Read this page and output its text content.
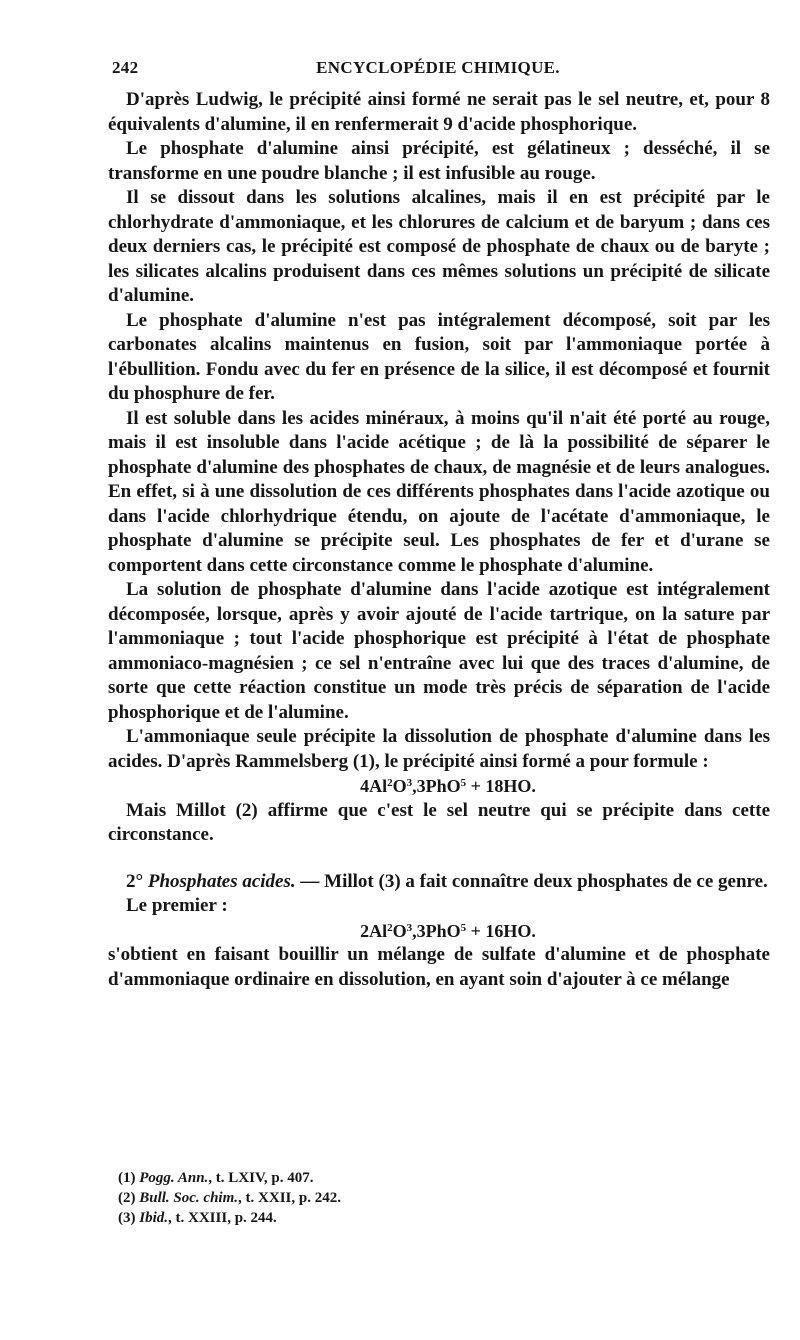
242	ENCYCLOPÉDIE CHIMIQUE.

D'après Ludwig, le précipité ainsi formé ne serait pas le sel neutre, et, pour 8 équivalents d'alumine, il en renfermerait 9 d'acide phosphorique.

Le phosphate d'alumine ainsi précipité, est gélatineux ; desséché, il se transforme en une poudre blanche ; il est infusible au rouge.

Il se dissout dans les solutions alcalines, mais il en est précipité par le chlorhydrate d'ammoniaque, et les chlorures de calcium et de baryum ; dans ces deux derniers cas, le précipité est composé de phosphate de chaux ou de baryte ; les silicates alcalins produisent dans ces mêmes solutions un précipité de silicate d'alumine.

Le phosphate d'alumine n'est pas intégralement décomposé, soit par les carbonates alcalins maintenus en fusion, soit par l'ammoniaque portée à l'ébullition. Fondu avec du fer en présence de la silice, il est décomposé et fournit du phosphure de fer.

Il est soluble dans les acides minéraux, à moins qu'il n'ait été porté au rouge, mais il est insoluble dans l'acide acétique ; de là la possibilité de séparer le phosphate d'alumine des phosphates de chaux, de magnésie et de leurs analogues. En effet, si à une dissolution de ces différents phosphates dans l'acide azotique ou dans l'acide chlorhydrique étendu, on ajoute de l'acétate d'ammoniaque, le phosphate d'alumine se précipite seul. Les phosphates de fer et d'urane se comportent dans cette circonstance comme le phosphate d'alumine.

La solution de phosphate d'alumine dans l'acide azotique est intégralement décomposée, lorsque, après y avoir ajouté de l'acide tartrique, on la sature par l'ammoniaque ; tout l'acide phosphorique est précipité à l'état de phosphate ammoniaco-magnésien ; ce sel n'entraîne avec lui que des traces d'alumine, de sorte que cette réaction constitue un mode très précis de séparation de l'acide phosphorique et de l'alumine.

L'ammoniaque seule précipite la dissolution de phosphate d'alumine dans les acides. D'après Rammelsberg (1), le précipité ainsi formé a pour formule :

$4Al^2O^3,3PhO^5 + 18HO$.

Mais Millot (2) affirme que c'est le sel neutre qui se précipite dans cette circonstance.

2° Phosphates acides. — Millot (3) a fait connaître deux phosphates de ce genre.

Le premier :

$2Al^2O^3,3PhO^5 + 16HO$.

s'obtient en faisant bouillir un mélange de sulfate d'alumine et de phosphate d'ammoniaque ordinaire en dissolution, en ayant soin d'ajouter à ce mélange

(1) Pogg. Ann., t. LXIV, p. 407.
(2) Bull. Soc. chim., t. XXII, p. 242.
(3) Ibid., t. XXIII, p. 244.
